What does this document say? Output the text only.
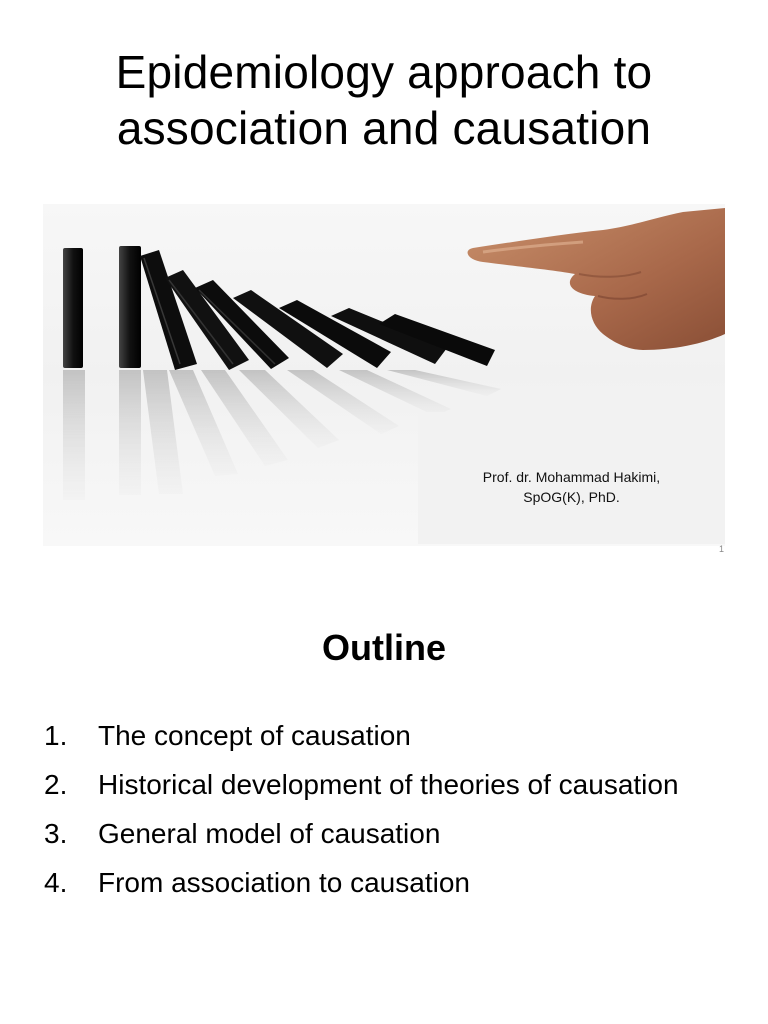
Epidemiology approach to
association and causation
Prof. dr. Mohammad Hakimi,
SpOG(K), PhD.
1
Outline
1.	The concept of causation
2.	Historical development of theories of causation
3.	General model of causation
4.	From association to causation
